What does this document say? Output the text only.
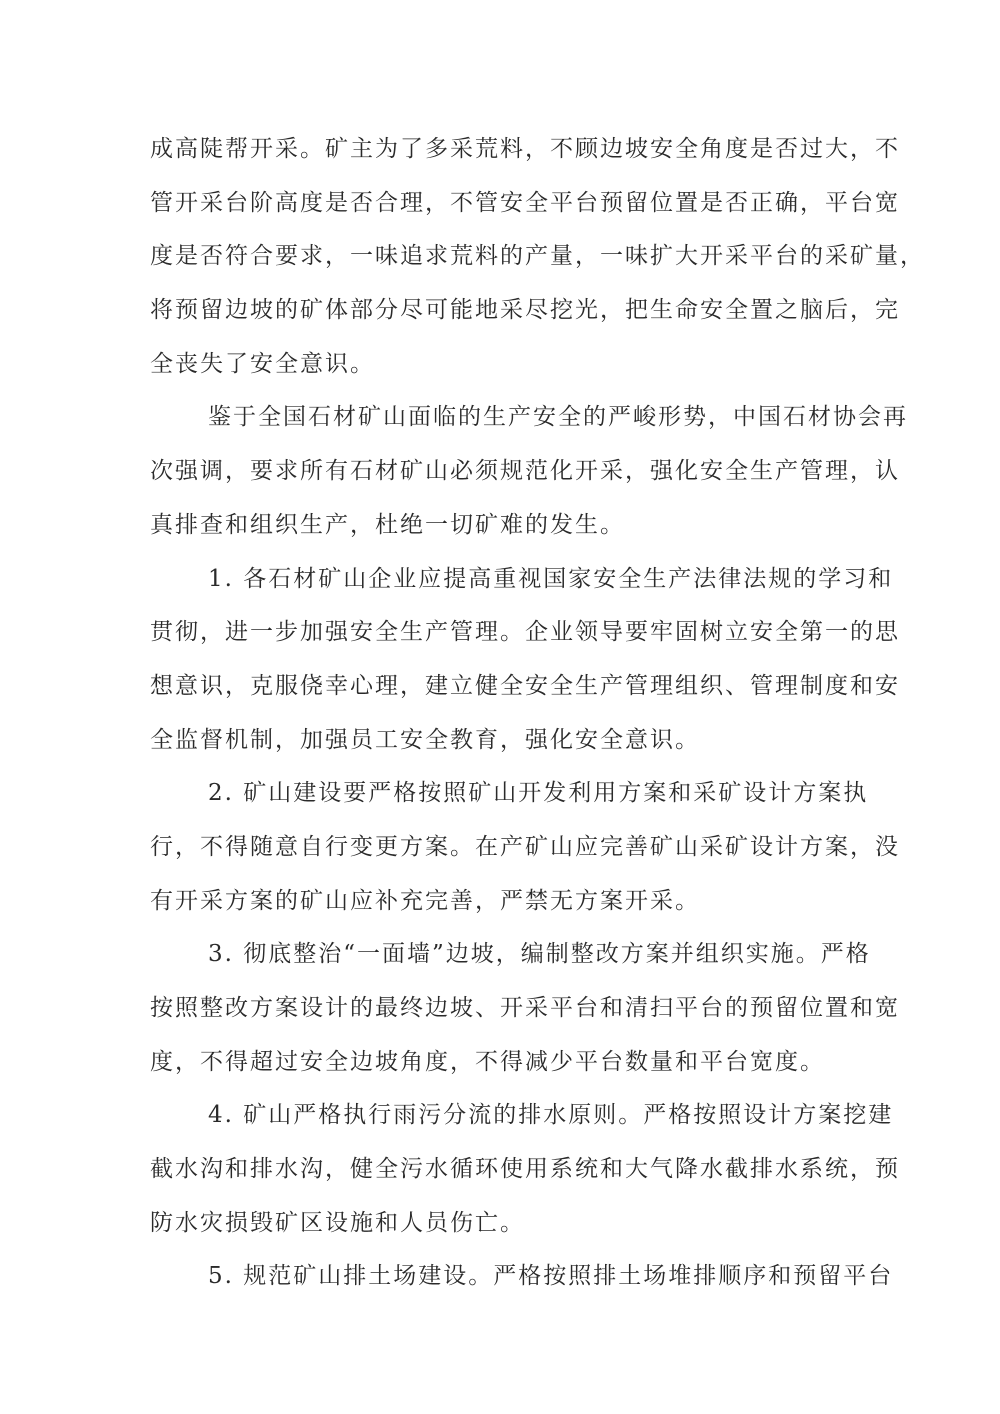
成高陡帮开采。矿主为了多采荒料，不顾边坡安全角度是否过大，不
管开采台阶高度是否合理，不管安全平台预留位置是否正确，平台宽
度是否符合要求，一味追求荒料的产量，一味扩大开采平台的采矿量，
将预留边坡的矿体部分尽可能地采尽挖光，把生命安全置之脑后，完
全丧失了安全意识。
鉴于全国石材矿山面临的生产安全的严峻形势，中国石材协会再
次强调，要求所有石材矿山必须规范化开采，强化安全生产管理，认
真排查和组织生产，杜绝一切矿难的发生。
1. 各石材矿山企业应提高重视国家安全生产法律法规的学习和
贯彻，进一步加强安全生产管理。企业领导要牢固树立安全第一的思
想意识，克服侥幸心理，建立健全安全生产管理组织、管理制度和安
全监督机制，加强员工安全教育，强化安全意识。
2. 矿山建设要严格按照矿山开发利用方案和采矿设计方案执
行，不得随意自行变更方案。在产矿山应完善矿山采矿设计方案，没
有开采方案的矿山应补充完善，严禁无方案开采。
3. 彻底整治“一面墙”边坡，编制整改方案并组织实施。严格
按照整改方案设计的最终边坡、开采平台和清扫平台的预留位置和宽
度，不得超过安全边坡角度，不得减少平台数量和平台宽度。
4. 矿山严格执行雨污分流的排水原则。严格按照设计方案挖建
截水沟和排水沟，健全污水循环使用系统和大气降水截排水系统，预
防水灾损毁矿区设施和人员伤亡。
5. 规范矿山排土场建设。严格按照排土场堆排顺序和预留平台
